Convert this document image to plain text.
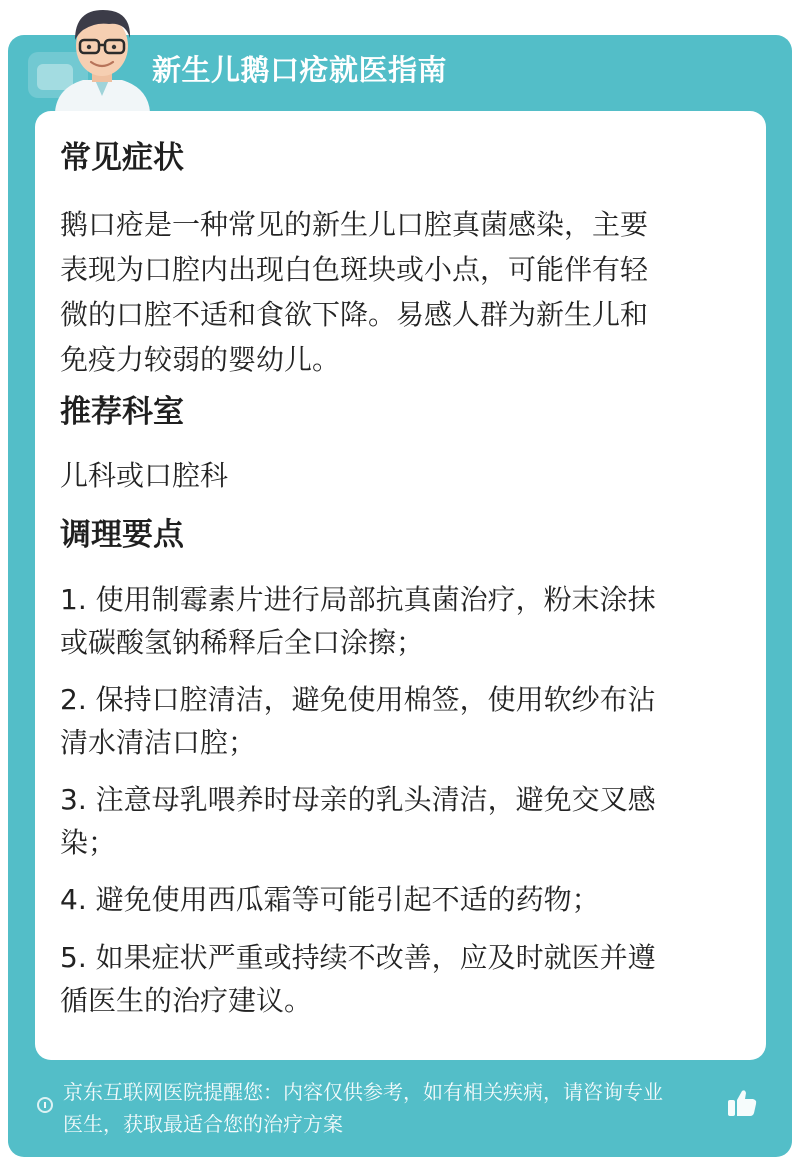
新生儿鹅口疮就医指南
常见症状
鹅口疮是一种常见的新生儿口腔真菌感染，主要
表现为口腔内出现白色斑块或小点，可能伴有轻
微的口腔不适和食欲下降。易感人群为新生儿和
免疫力较弱的婴幼儿。
推荐科室
儿科或口腔科
调理要点
1. 使用制霉素片进行局部抗真菌治疗，粉末涂抹
或碳酸氢钠稀释后全口涂擦；
2. 保持口腔清洁，避免使用棉签，使用软纱布沾
清水清洁口腔；
3. 注意母乳喂养时母亲的乳头清洁，避免交叉感
染；
4. 避免使用西瓜霜等可能引起不适的药物；
5. 如果症状严重或持续不改善，应及时就医并遵
循医生的治疗建议。
京东互联网医院提醒您：内容仅供参考，如有相关疾病，请咨询专业
医生，获取最适合您的治疗方案
